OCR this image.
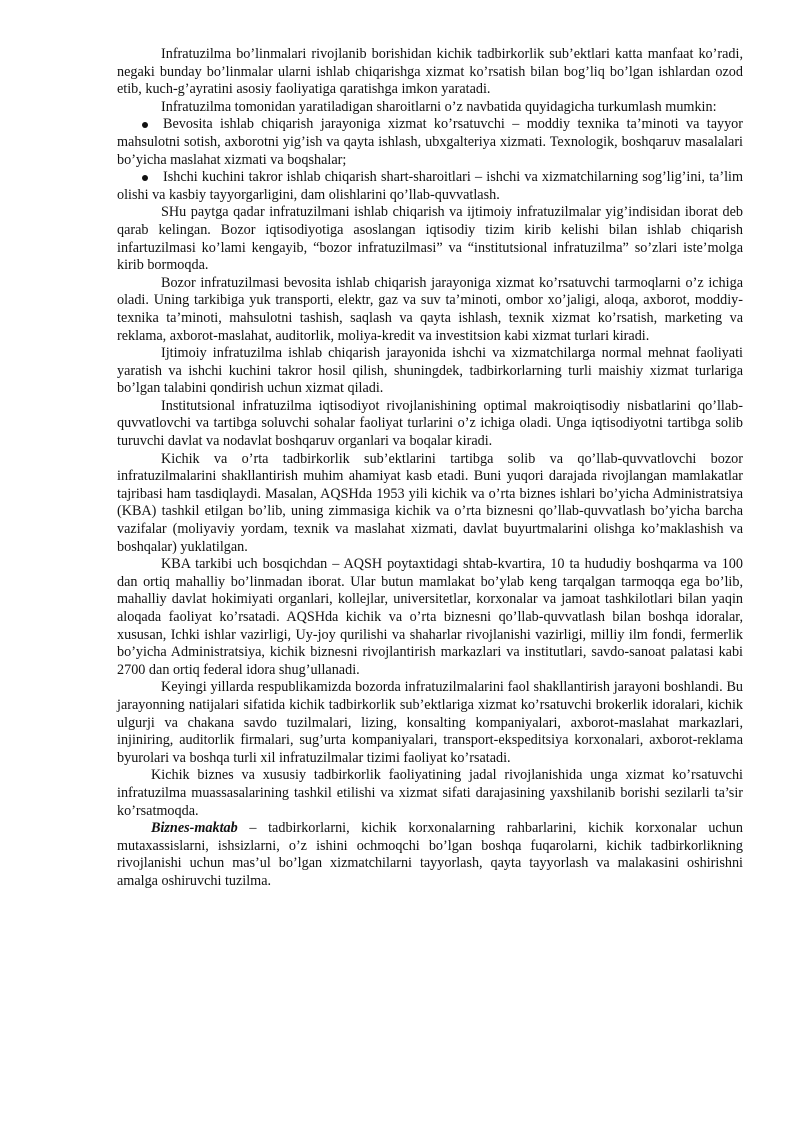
Infratuzilma bo’linmalari rivojlanib borishidan kichik tadbirkorlik sub’ektlari katta manfaat ko’radi, negaki bunday bo’linmalar ularni ishlab chiqarishga xizmat ko’rsatish bilan bog’liq bo’lgan ishlardan ozod etib, kuch-g’ayratini asosiy faoliyatiga qaratishga imkon yaratadi.

Infratuzilma tomonidan yaratiladigan sharoitlarni o’z navbatida quyidagicha turkumlash mumkin:

Bevosita ishlab chiqarish jarayoniga xizmat ko’rsatuvchi – moddiy texnika ta’minoti va tayyor mahsulotni sotish, axborotni yig’ish va qayta ishlash, ubxgalteriya xizmati. Texnologik, boshqaruv masalalari bo’yicha maslahat xizmati va boqshalar;

Ishchi kuchini takror ishlab chiqarish shart-sharoitlari – ishchi va xizmatchilarning sog’lig’ini, ta’lim olishi va kasbiy tayyorgarligini, dam olishlarini qo’llab-quvvatlash.

SHu paytga qadar infratuzilmani ishlab chiqarish va ijtimoiy infratuzilmalar yig’indisidan iborat deb qarab kelingan. Bozor iqtisodiyotiga asoslangan iqtisodiy tizim kirib kelishi bilan ishlab chiqarish infartuzilmasi ko’lami kengayib, “bozor infratuzilmasi” va “institutsional infratuzilma” so’zlari iste’molga kirib bormoqda.

Bozor infratuzilmasi bevosita ishlab chiqarish jarayoniga xizmat ko’rsatuvchi tarmoqlarni o’z ichiga oladi. Uning tarkibiga yuk transporti, elektr, gaz va suv ta’minoti, ombor xo’jaligi, aloqa, axborot, moddiy-texnika ta’minoti, mahsulotni tashish, saqlash va qayta ishlash, texnik xizmat ko’rsatish, marketing va reklama, axborot-maslahat, auditorlik, moliya-kredit va investitsion kabi xizmat turlari kiradi.

Ijtimoiy infratuzilma ishlab chiqarish jarayonida ishchi va xizmatchilarga normal mehnat faoliyati yaratish va ishchi kuchini takror hosil qilish, shuningdek, tadbirkorlarning turli maishiy xizmat turlariga bo’lgan talabini qondirish uchun xizmat qiladi.

Institutsional infratuzilma iqtisodiyot rivojlanishining optimal makroiqtisodiy nisbatlarini qo’llab-quvvatlovchi va tartibga soluvchi sohalar faoliyat turlarini o’z ichiga oladi. Unga iqtisodiyotni tartibga solib turuvchi davlat va nodavlat boshqaruv organlari va boqalar kiradi.

Kichik va o’rta tadbirkorlik sub’ektlarini tartibga solib va qo’llab-quvvatlovchi bozor infratuzilmalarini shakllantirish muhim ahamiyat kasb etadi. Buni yuqori darajada rivojlangan mamlakatlar tajribasi ham tasdiqlaydi. Masalan, AQSHda 1953 yili kichik va o’rta biznes ishlari bo’yicha Administratsiya (KBA) tashkil etilgan bo’lib, uning zimmasiga kichik va o’rta biznesni qo’llab-quvvatlash bo’yicha barcha vazifalar (moliyaviy yordam, texnik va maslahat xizmati, davlat buyurtmalarini olishga ko’maklashish va boshqalar) yuklatilgan.

KBA tarkibi uch bosqichdan – AQSH poytaxtidagi shtab-kvartira, 10 ta hududiy boshqarma va 100 dan ortiq mahalliy bo’linmadan iborat. Ular butun mamlakat bo’ylab keng tarqalgan tarmoqqa ega bo’lib, mahalliy davlat hokimiyati organlari, kollejlar, universitetlar, korxonalar va jamoat tashkilotlari bilan yaqin aloqada faoliyat ko’rsatadi. AQSHda kichik va o’rta biznesni qo’llab-quvvatlash bilan boshqa idoralar, xususan, Ichki ishlar vazirligi, Uy-joy qurilishi va shaharlar rivojlanishi vazirligi, milliy ilm fondi, fermerlik bo’yicha Administratsiya, kichik biznesni rivojlantirish markazlari va institutlari, savdo-sanoat palatasi kabi 2700 dan ortiq federal idora shug’ullanadi.

Keyingi yillarda respublikamizda bozorda infratuzilmalarini faol shakllantirish jarayoni boshlandi. Bu jarayonning natijalari sifatida kichik tadbirkorlik sub’ektlariga xizmat ko’rsatuvchi brokerlik idoralari, kichik ulgurji va chakana savdo tuzilmalari, lizing, konsalting kompaniyalari, axborot-maslahat markazlari, injiniring, auditorlik firmalari, sug’urta kompaniyalari, transport-ekspeditsiya korxonalari, axborot-reklama byurolari va boshqa turli xil infratuzilmalar tizimi faoliyat ko’rsatadi.

Kichik biznes va xususiy tadbirkorlik faoliyatining jadal rivojlanishida unga xizmat ko’rsatuvchi infratuzilma muassasalarining tashkil etilishi va xizmat sifati darajasining yaxshilanib borishi sezilarli ta’sir ko’rsatmoqda.

Biznes-maktab – tadbirkorlarni, kichik korxonalarning rahbarlarini, kichik korxonalar uchun mutaxassislarni, ishsizlarni, o’z ishini ochmoqchi bo’lgan boshqa fuqarolarni, kichik tadbirkorlikning rivojlanishi uchun mas’ul bo’lgan xizmatchilarni tayyorlash, qayta tayyorlash va malakasini oshirishni amalga oshiruvchi tuzilma.
